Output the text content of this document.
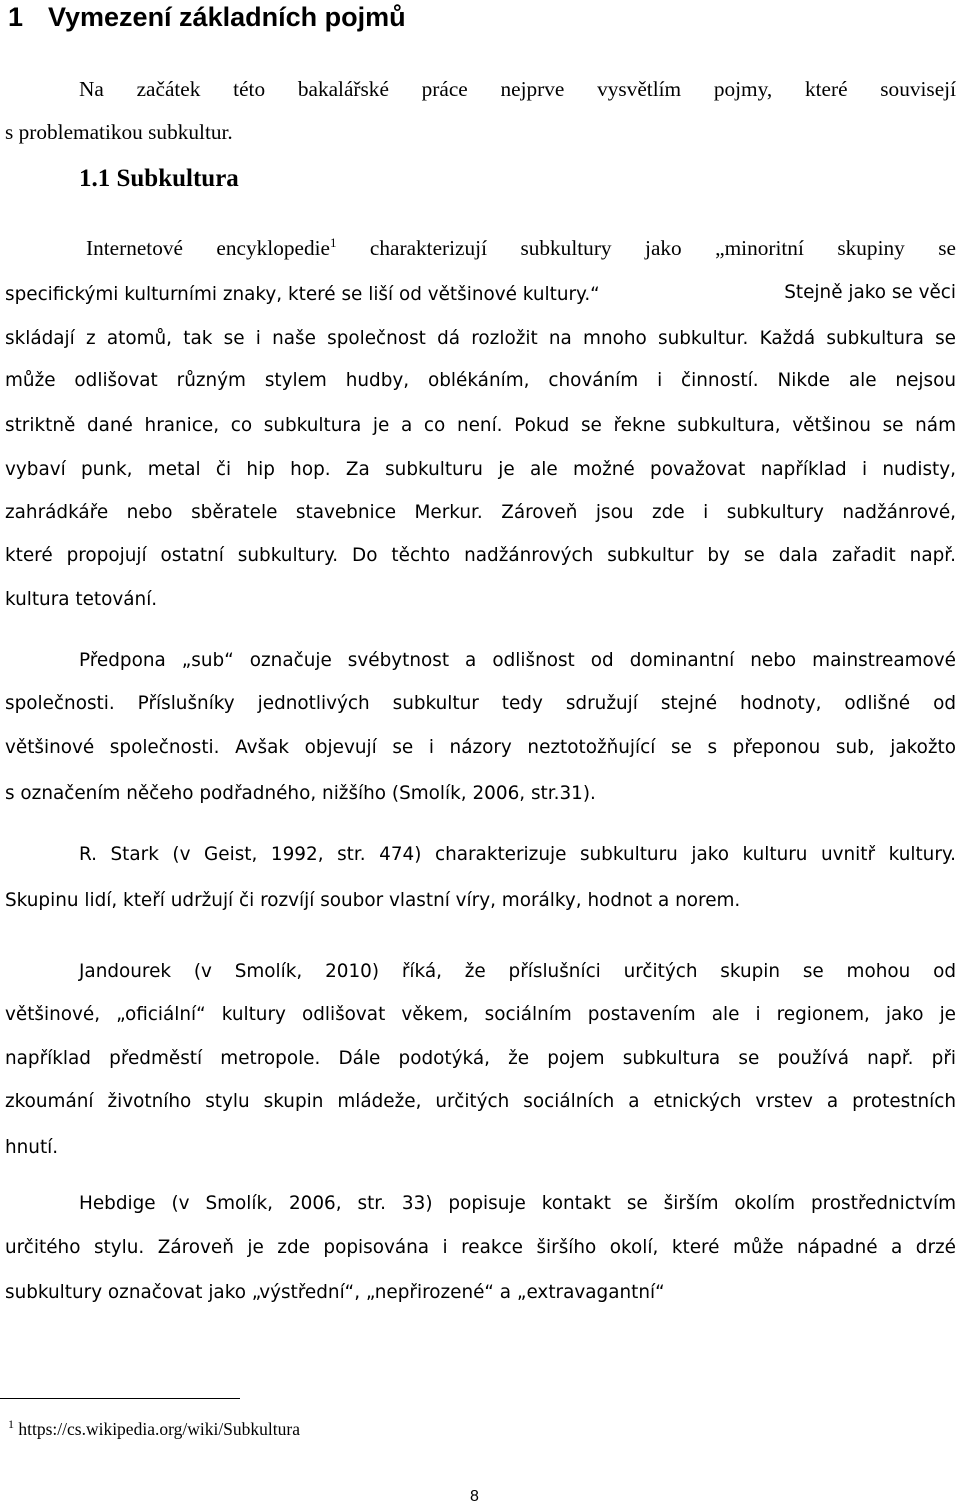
1 Vymezení základních pojmů
Na začátek této bakalářské práce nejprve vysvětlím pojmy, které souvisejí
s problematikou subkultur.
1.1 Subkultura
Internetové encyklopedie$^1$ charakterizují subkultury jako „minoritní skupiny se
specifickými kulturními znaky, které se liší od většinové kultury.“	Stejně jako se věci
skládají z atomů, tak se i naše společnost dá rozložit na mnoho subkultur. Každá subkultura se
může odlišovat různým stylem hudby, oblékáním, chováním i činností. Nikde ale nejsou
striktně dané hranice, co subkultura je a co není. Pokud se řekne subkultura, většinou se nám
vybaví punk, metal či hip hop. Za subkulturu je ale možné považovat například i nudisty,
zahrádkáře nebo sběratele stavebnice Merkur. Zároveň jsou zde i subkultury nadžánrové,
které propojují ostatní subkultury. Do těchto nadžánrových subkultur by se dala zařadit např.
kultura tetování.
Předpona „sub“ označuje svébytnost a odlišnost od dominantní nebo mainstreamové
společnosti. Příslušníky jednotlivých subkultur tedy sdružují stejné hodnoty, odlišné od
většinové společnosti. Avšak objevují se i názory neztotožňující se s přeponou sub, jakožto
s označením něčeho podřadného, nižšího (Smolík, 2006, str.31).
R. Stark (v Geist, 1992, str. 474) charakterizuje subkulturu jako kulturu uvnitř kultury.
Skupinu lidí, kteří udržují či rozvíjí soubor vlastní víry, morálky, hodnot a norem.
Jandourek (v Smolík, 2010) říká, že příslušníci určitých skupin se mohou od
většinové, „oficiální“ kultury odlišovat věkem, sociálním postavením ale i regionem, jako je
například předměstí metropole. Dále podotýká, že pojem subkultura se používá např. při
zkoumání životního stylu skupin mládeže, určitých sociálních a etnických vrstev a protestních
hnutí.
Hebdige (v Smolík, 2006, str. 33) popisuje kontakt se širším okolím prostřednictvím
určitého stylu. Zároveň je zde popisována i reakce širšího okolí, které může nápadné a drzé
subkultury označovat jako „výstřední“, „nepřirozené“ a „extravagantní“
$^1$ https://cs.wikipedia.org/wiki/Subkultura
8
